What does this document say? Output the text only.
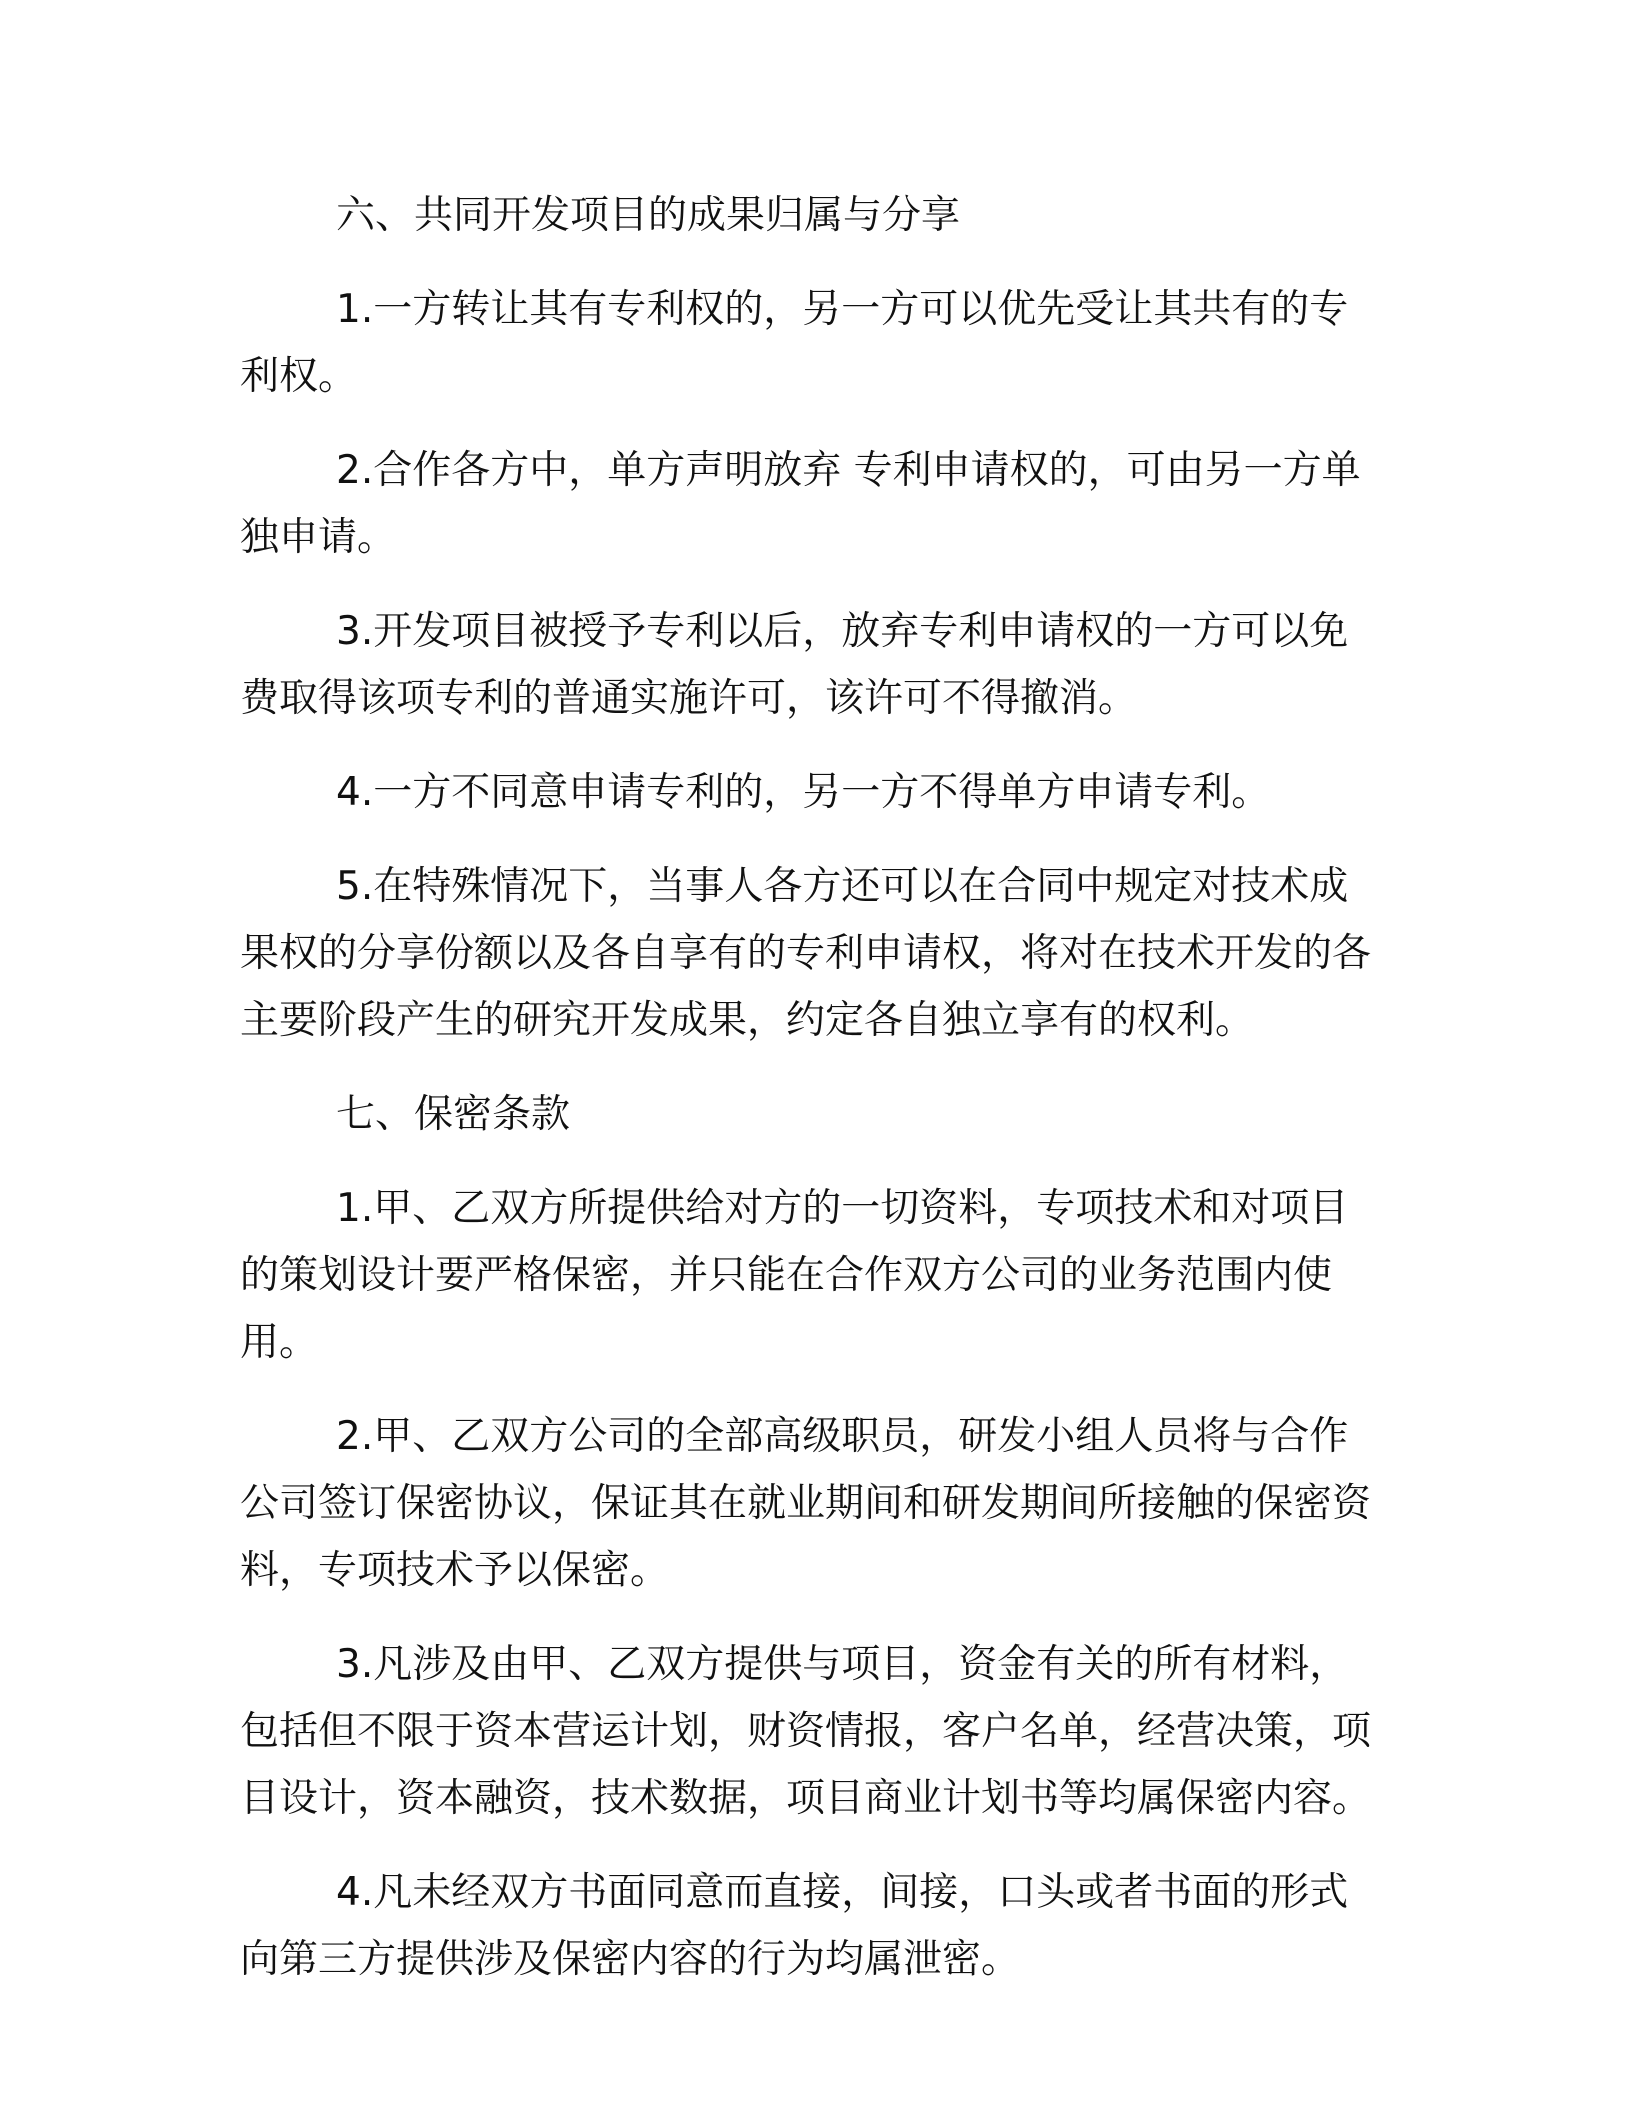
六、共同开发项目的成果归属与分享

1.一方转让其有专利权的，另一方可以优先受让其共有的专利权。

2.合作各方中，单方声明放弃 专利申请权的，可由另一方单独申请。

3.开发项目被授予专利以后，放弃专利申请权的一方可以免费取得该项专利的普通实施许可，该许可不得撤消。

4.一方不同意申请专利的，另一方不得单方申请专利。

5.在特殊情况下，当事人各方还可以在合同中规定对技术成果权的分享份额以及各自享有的专利申请权，将对在技术开发的各主要阶段产生的研究开发成果，约定各自独立享有的权利。

七、保密条款

1.甲、乙双方所提供给对方的一切资料，专项技术和对项目的策划设计要严格保密，并只能在合作双方公司的业务范围内使用。

2.甲、乙双方公司的全部高级职员，研发小组人员将与合作公司签订保密协议，保证其在就业期间和研发期间所接触的保密资料，专项技术予以保密。

3.凡涉及由甲、乙双方提供与项目，资金有关的所有材料，包括但不限于资本营运计划，财资情报，客户名单，经营决策，项目设计，资本融资，技术数据，项目商业计划书等均属保密内容。

4.凡未经双方书面同意而直接，间接，口头或者书面的形式向第三方提供涉及保密内容的行为均属泄密。
